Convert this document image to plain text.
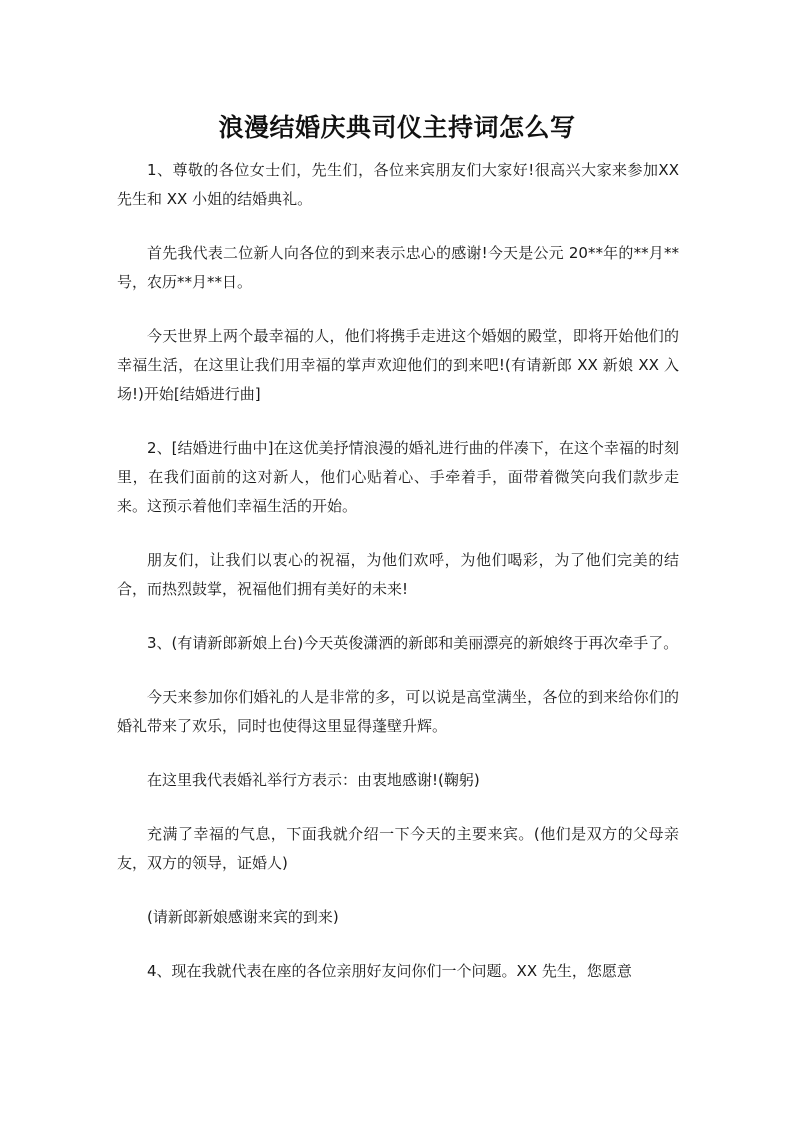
浪漫结婚庆典司仪主持词怎么写

1、尊敬的各位女士们，先生们，各位来宾朋友们大家好!很高兴大家来参加XX 先生和 XX 小姐的结婚典礼。

首先我代表二位新人向各位的到来表示忠心的感谢!今天是公元 20**年的**月**号，农历**月**日。

今天世界上两个最幸福的人，他们将携手走进这个婚姻的殿堂，即将开始他们的幸福生活，在这里让我们用幸福的掌声欢迎他们的到来吧!(有请新郎 XX 新娘 XX 入场!)开始[结婚进行曲]

2、[结婚进行曲中]在这优美抒情浪漫的婚礼进行曲的伴凑下，在这个幸福的时刻里，在我们面前的这对新人，他们心贴着心、手牵着手，面带着微笑向我们款步走来。这预示着他们幸福生活的开始。

朋友们，让我们以衷心的祝福，为他们欢呼，为他们喝彩，为了他们完美的结合，而热烈鼓掌，祝福他们拥有美好的未来!

3、(有请新郎新娘上台)今天英俊潇洒的新郎和美丽漂亮的新娘终于再次牵手了。

今天来参加你们婚礼的人是非常的多，可以说是高堂满坐，各位的到来给你们的婚礼带来了欢乐，同时也使得这里显得蓬壁升辉。

在这里我代表婚礼举行方表示：由衷地感谢!(鞠躬)

充满了幸福的气息，下面我就介绍一下今天的主要来宾。(他们是双方的父母亲友，双方的领导，证婚人)

(请新郎新娘感谢来宾的到来)

4、现在我就代表在座的各位亲朋好友问你们一个问题。XX 先生，您愿意
